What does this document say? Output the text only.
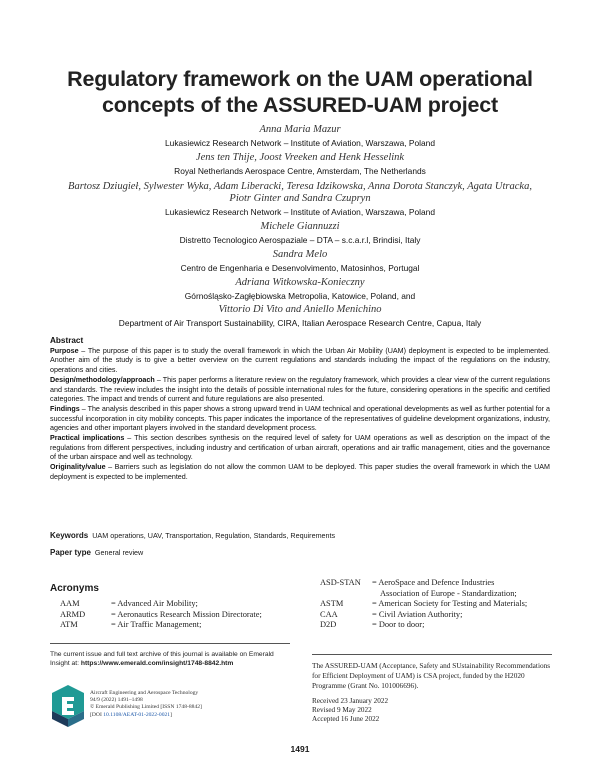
Regulatory framework on the UAM operational concepts of the ASSURED-UAM project
Anna Maria Mazur
Lukasiewicz Research Network – Institute of Aviation, Warszawa, Poland
Jens ten Thije, Joost Vreeken and Henk Hesselink
Royal Netherlands Aerospace Centre, Amsterdam, The Netherlands
Bartosz Dziugieł, Sylwester Wyka, Adam Liberacki, Teresa Idzikowska, Anna Dorota Stanczyk, Agata Utracka,
Piotr Ginter and Sandra Czupryn
Lukasiewicz Research Network – Institute of Aviation, Warszawa, Poland
Michele Giannuzzi
Distretto Tecnologico Aerospaziale – DTA – s.c.a.r.l, Brindisi, Italy
Sandra Melo
Centro de Engenharia e Desenvolvimento, Matosinhos, Portugal
Adriana Witkowska-Konieczny
Górnośląsko-Zagłębiowska Metropolia, Katowice, Poland, and
Vittorio Di Vito and Aniello Menichino
Department of Air Transport Sustainability, CIRA, Italian Aerospace Research Centre, Capua, Italy

Abstract

Purpose – The purpose of this paper is to study the overall framework in which the Urban Air Mobility (UAM) deployment is expected to be implemented. Another aim of the study is to give a better overview on the current regulations and standards including the impact of the regulations on the industry, operations and cities.

Design/methodology/approach – This paper performs a literature review on the regulatory framework, which provides a clear view of the current regulations and standards. The review includes the insight into the details of possible international rules for the future, considering operations in the specific and certified categories. The impact and trends of current and future regulations are also presented.

Findings – The analysis described in this paper shows a strong upward trend in UAM technical and operational developments as well as further potential for a successful incorporation in city mobility concepts. This paper indicates the importance of the representatives of guideline development organizations, industry, agencies and other important players involved in the standard development process.

Practical implications – This section describes synthesis on the required level of safety for UAM operations as well as description on the impact of the regulations from different perspectives, including industry and certification of urban aircraft, operations and air traffic management, cities and the governance of the urban airspace and well as technology.

Originality/value – Barriers such as legislation do not allow the common UAM to be deployed. This paper studies the overall framework in which the UAM deployment is expected to be implemented.

Keywords UAM operations, UAV, Transportation, Regulation, Standards, Requirements
Paper type General review
Acronyms
AAM	= Advanced Air Mobility;
ARMD	= Aeronautics Research Mission Directorate;
ATM	= Air Traffic Management;
ASD-STAN	= AeroSpace and Defence Industries
	Association of Europe - Standardization;
ASTM	= American Society for Testing and Materials;
CAA	= Civil Aviation Authority;
D2D	= Door to door;
The current issue and full text archive of this journal is available on Emerald
Insight at: https://www.emerald.com/insight/1748-8842.htm
Aircraft Engineering and Aerospace Technology
94/9 (2022) 1491–1498
© Emerald Publishing Limited [ISSN 1748-8842]
[DOI 10.1108/AEAT-01-2022-0021]
The ASSURED-UAM (Acceptance, Safety and SUstainability Recommendations for Efficient Deployment of UAM) is CSA project, funded by the H2020 Programme (Grant No. 101006696).
Received 23 January 2022
Revised 9 May 2022
Accepted 16 June 2022
1491
